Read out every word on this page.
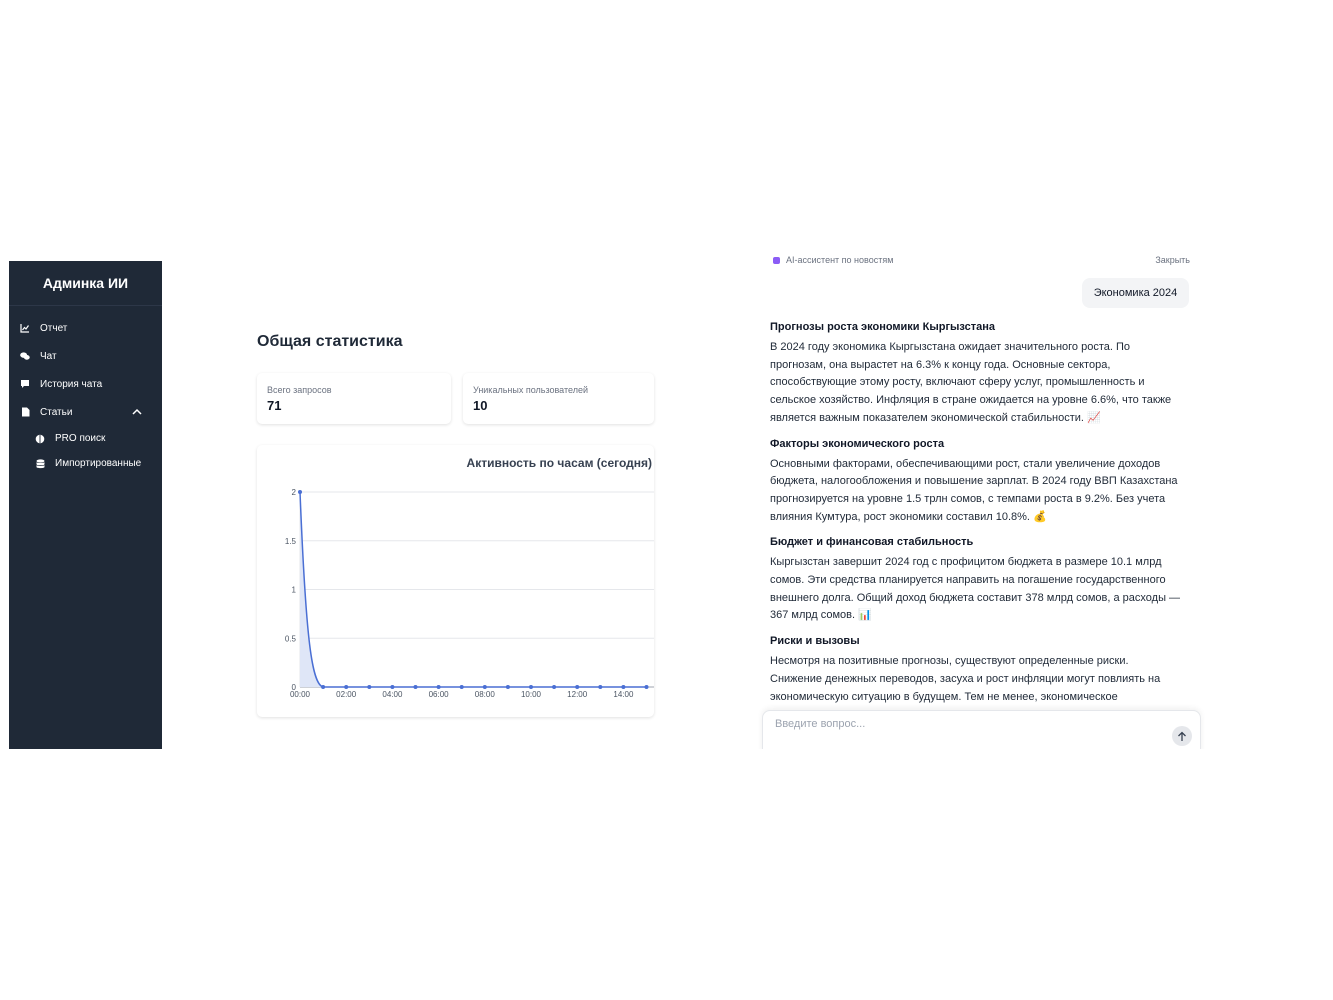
Админка ИИ
Отчет
Чат
История чата
Статьи
PRO поиск
Импортированные
Общая статистика
Всего запросов
71
Уникальных пользователей
10
Активность по часам (сегодня)
0
0.5
1
1.5
2
00:00	02:00	04:00	06:00	08:00	10:00	12:00	14:00
AI-ассистент по новостям	Закрыть
Экономика 2024
Прогнозы роста экономики Кыргызстана

В 2024 году экономика Кыргызстана ожидает значительного роста. По прогнозам, она вырастет на 6.3% к концу года. Основные сектора, способствующие этому росту, включают сферу услуг, промышленность и сельское хозяйство. Инфляция в стране ожидается на уровне 6.6%, что также является важным показателем экономической стабильности. 📈

Факторы экономического роста

Основными факторами, обеспечивающими рост, стали увеличение доходов бюджета, налогообложения и повышение зарплат. В 2024 году ВВП Казахстана прогнозируется на уровне 1.5 трлн сомов, с темпами роста в 9.2%. Без учета влияния Кумтура, рост экономики составил 10.8%. 💰

Бюджет и финансовая стабильность

Кыргызстан завершит 2024 год с профицитом бюджета в размере 10.1 млрд сомов. Эти средства планируется направить на погашение государственного внешнего долга. Общий доход бюджета составит 378 млрд сомов, а расходы — 367 млрд сомов. 📊

Риски и вызовы

Несмотря на позитивные прогнозы, существуют определенные риски. Снижение денежных переводов, засуха и рост инфляции могут повлиять на экономическую ситуацию в будущем. Тем не менее, экономическое

Введите вопрос...
